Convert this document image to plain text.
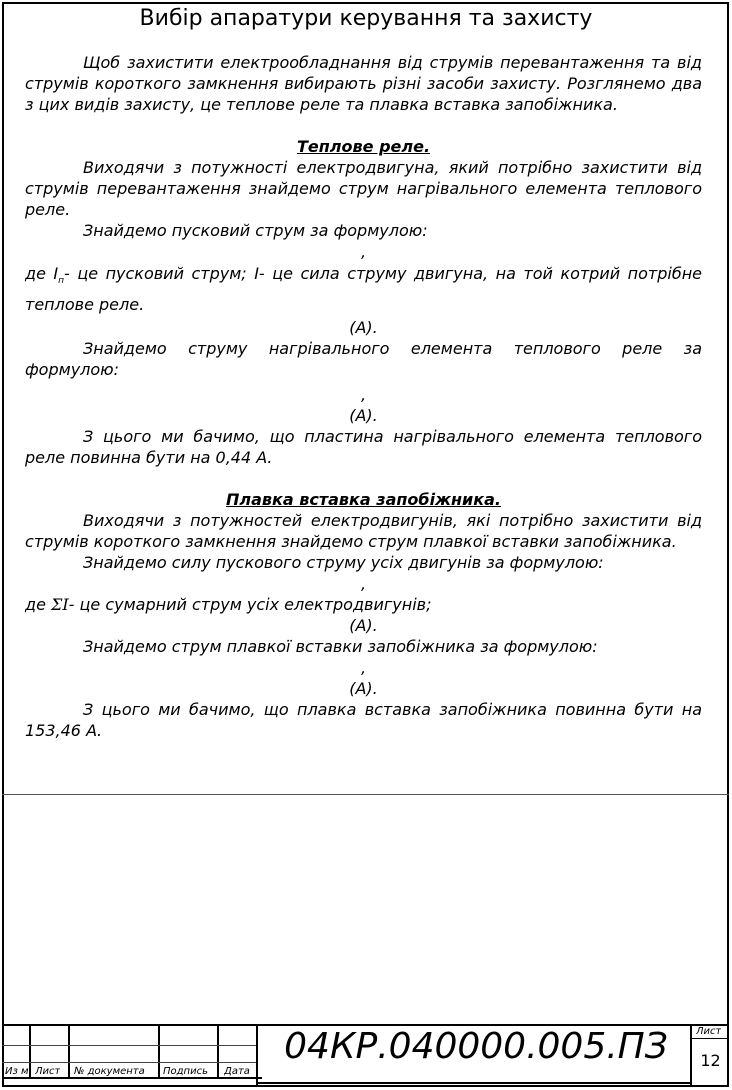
Вибір апаратури керування та захисту

Щоб захистити електрообладнання від струмів перевантаження та від струмів короткого замкнення вибирають різні засоби захисту. Розглянемо два з цих видів захисту, це теплове реле та плавка вставка запобіжника.

Теплове реле.

Виходячи з потужності електродвигуна, який потрібно захистити від струмів перевантаження знайдемо струм нагрівального елемента теплового реле.

Знайдемо пусковий струм за формулою:

,

де $I_п-$ це пусковий струм; I- це сила струму двигуна, на той котрий потрібне теплове реле.

(А).

Знайдемо струму нагрівального елемента теплового реле за формулою:

,

(А).

З цього ми бачимо, що пластина нагрівального елемента теплового реле повинна бути на 0,44 А.

Плавка вставка запобіжника.

Виходячи з потужностей електродвигунів, які потрібно захистити від струмів короткого замкнення знайдемо струм плавкої вставки запобіжника.

Знайдемо силу пускового струму усіх двигунів за формулою:

,

де ΣI- це сумарний струм усіх електродвигунів;

(А).

Знайдемо струм плавкої вставки запобіжника за формулою:

,

(А).

З цього ми бачимо, що плавка вставка запобіжника повинна бути на 153,46 А.

Из м Лист № документа Подпись Дата
04КР.040000.005.ПЗ	Лист
12
